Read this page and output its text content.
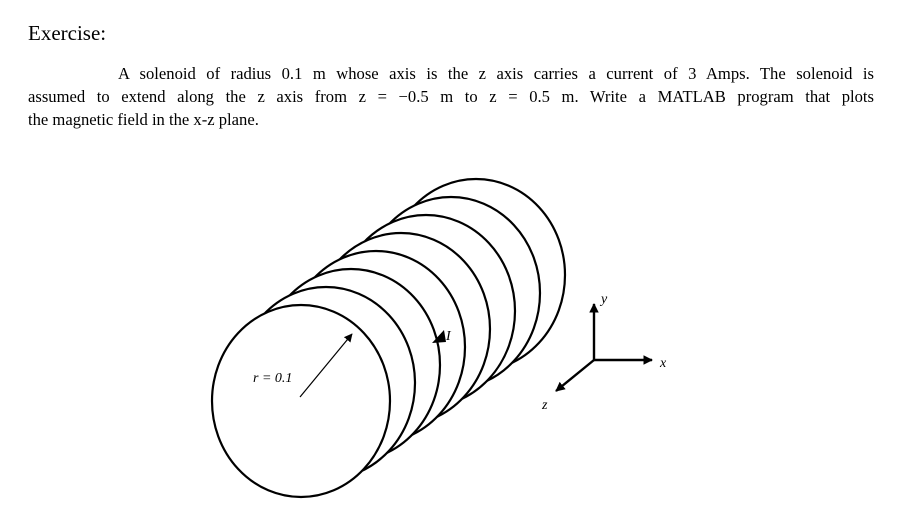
Exercise:

A solenoid of radius 0.1 m whose axis is the z axis carries a current of 3 Amps. The solenoid is
assumed to extend along the z axis from z = −0.5 m to z = 0.5 m. Write a MATLAB program that plots
the magnetic field in the x-z plane.

r = 0.1
I
y
x
z
